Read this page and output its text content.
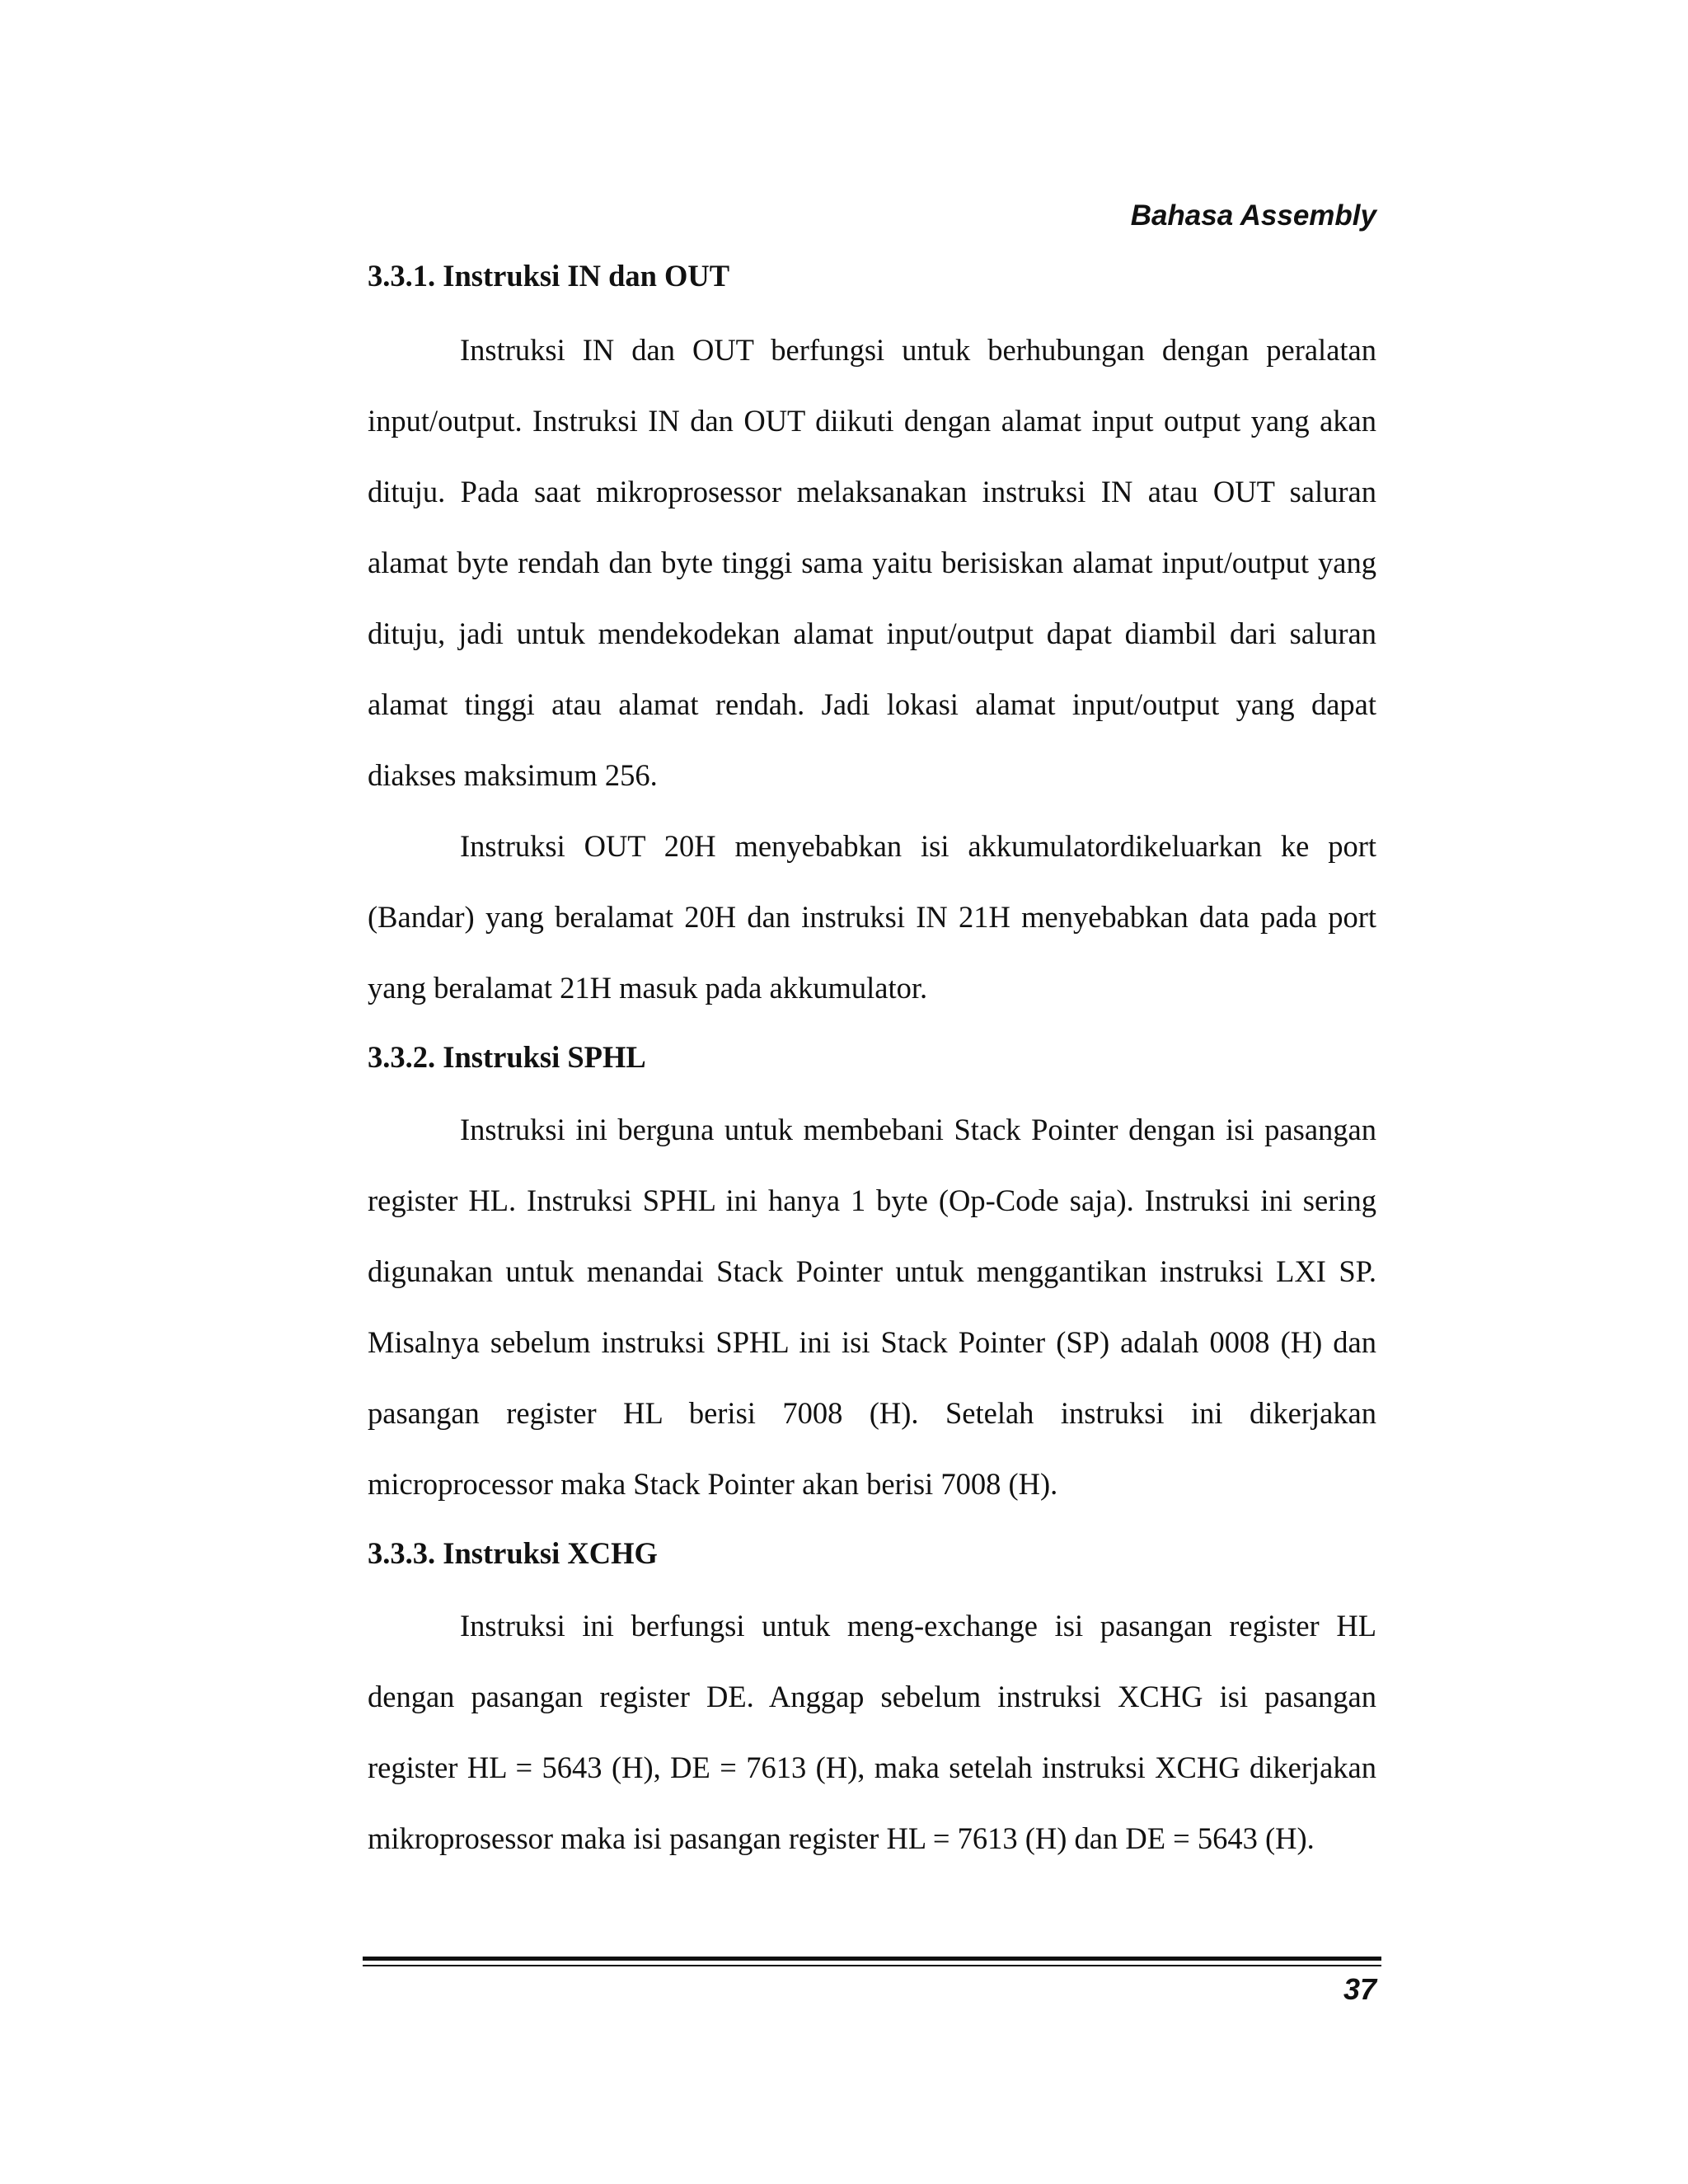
Bahasa Assembly
3.3.1. Instruksi IN dan OUT

Instruksi IN dan OUT berfungsi untuk berhubungan dengan peralatan input/output. Instruksi IN dan OUT diikuti dengan alamat input output yang akan dituju. Pada saat mikroprosessor melaksanakan instruksi IN atau OUT saluran alamat byte rendah dan byte tinggi sama yaitu berisiskan alamat input/output yang dituju, jadi untuk mendekodekan alamat input/output dapat diambil dari saluran alamat tinggi atau alamat rendah. Jadi lokasi alamat input/output yang dapat diakses maksimum 256.

Instruksi OUT 20H menyebabkan isi akkumulatordikeluarkan ke port (Bandar) yang beralamat 20H dan instruksi IN 21H menyebabkan data pada port yang beralamat 21H masuk pada akkumulator.

3.3.2. Instruksi SPHL

Instruksi ini berguna untuk membebani Stack Pointer dengan isi pasangan register HL. Instruksi SPHL ini hanya 1 byte (Op-Code saja). Instruksi ini sering digunakan untuk menandai Stack Pointer untuk menggantikan instruksi LXI SP. Misalnya sebelum instruksi SPHL ini isi Stack Pointer (SP) adalah 0008 (H) dan pasangan register HL berisi 7008 (H). Setelah instruksi ini dikerjakan microprocessor maka Stack Pointer akan berisi 7008 (H).

3.3.3. Instruksi XCHG

Instruksi ini berfungsi untuk meng-exchange isi pasangan register HL dengan pasangan register DE. Anggap sebelum instruksi XCHG isi pasangan register HL = 5643 (H), DE = 7613 (H), maka setelah instruksi XCHG dikerjakan mikroprosessor maka isi pasangan register HL = 7613 (H) dan DE = 5643 (H).

37
